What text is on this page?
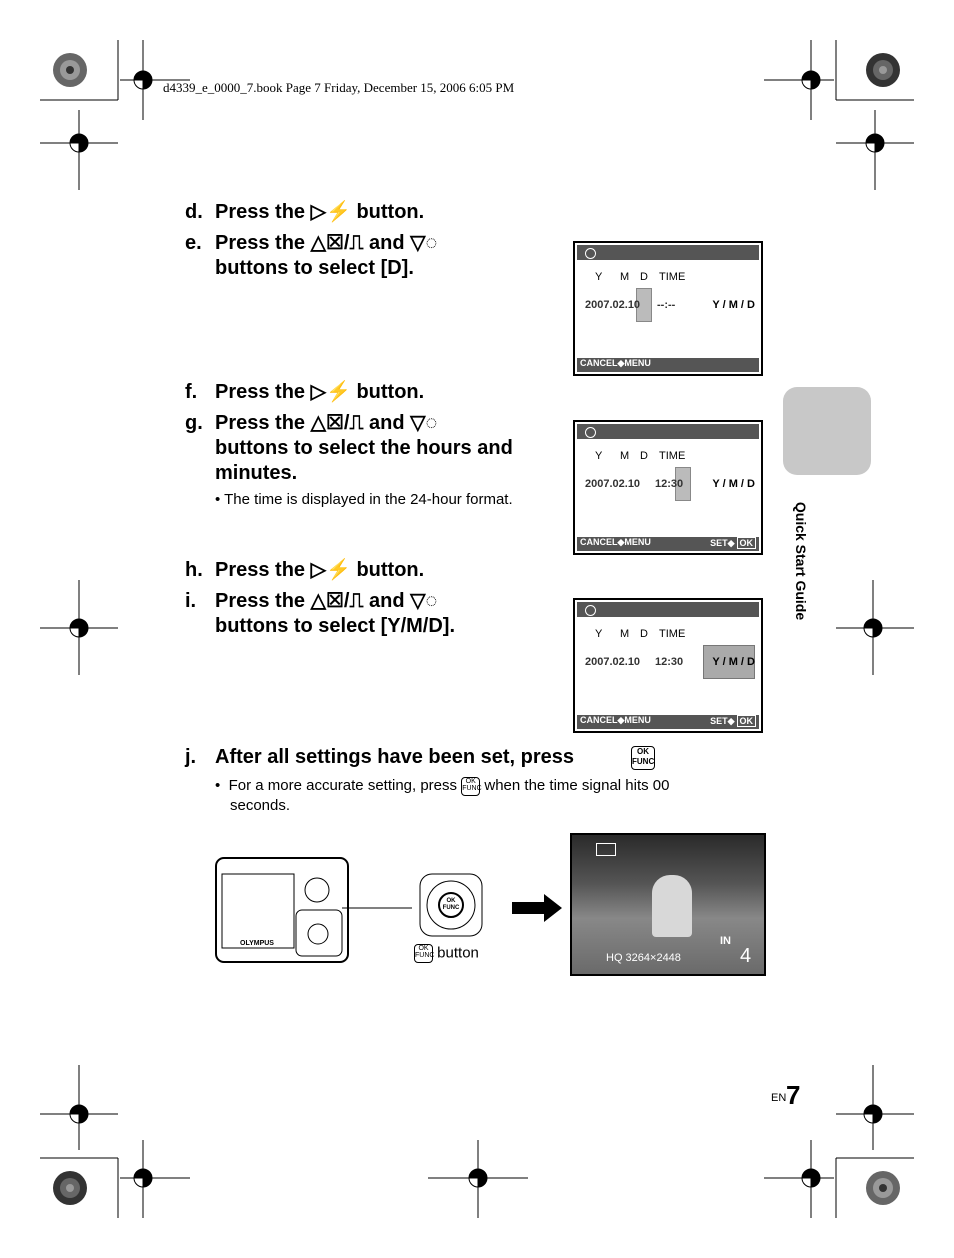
d4339_e_0000_7.book Page 7 Friday, December 15, 2006 6:05 PM
d. Press the ▷⚡ button.
e. Press the △☒/⎍ and ▽◌
buttons to select [D].
f. Press the ▷⚡ button.
g. Press the △☒/⎍ and ▽◌
buttons to select the hours and
minutes.
• The time is displayed in the 24-hour format.
h. Press the ▷⚡ button.
i. Press the △☒/⎍ and ▽◌
buttons to select [Y/M/D].
j. After all settings have been set, press	OK
FUNC
•  For a more accurate setting, press OK
FUNC when the time signal hits 00
seconds.
Y M D TIME
2007.02.10 --:--	Y / M / D
CANCEL◆MENU
Y M D TIME
2007.02.10 12:30	Y / M / D
CANCEL◆MENU	SET◆ OK
Y M D TIME
2007.02.10 12:30	Y / M / D
CANCEL◆MENU	SET◆ OK
Quick Start Guide
OLYMPUS
OK
FUNC
OK
FUNC button	HQ 3264×2448
IN
4
EN 7
